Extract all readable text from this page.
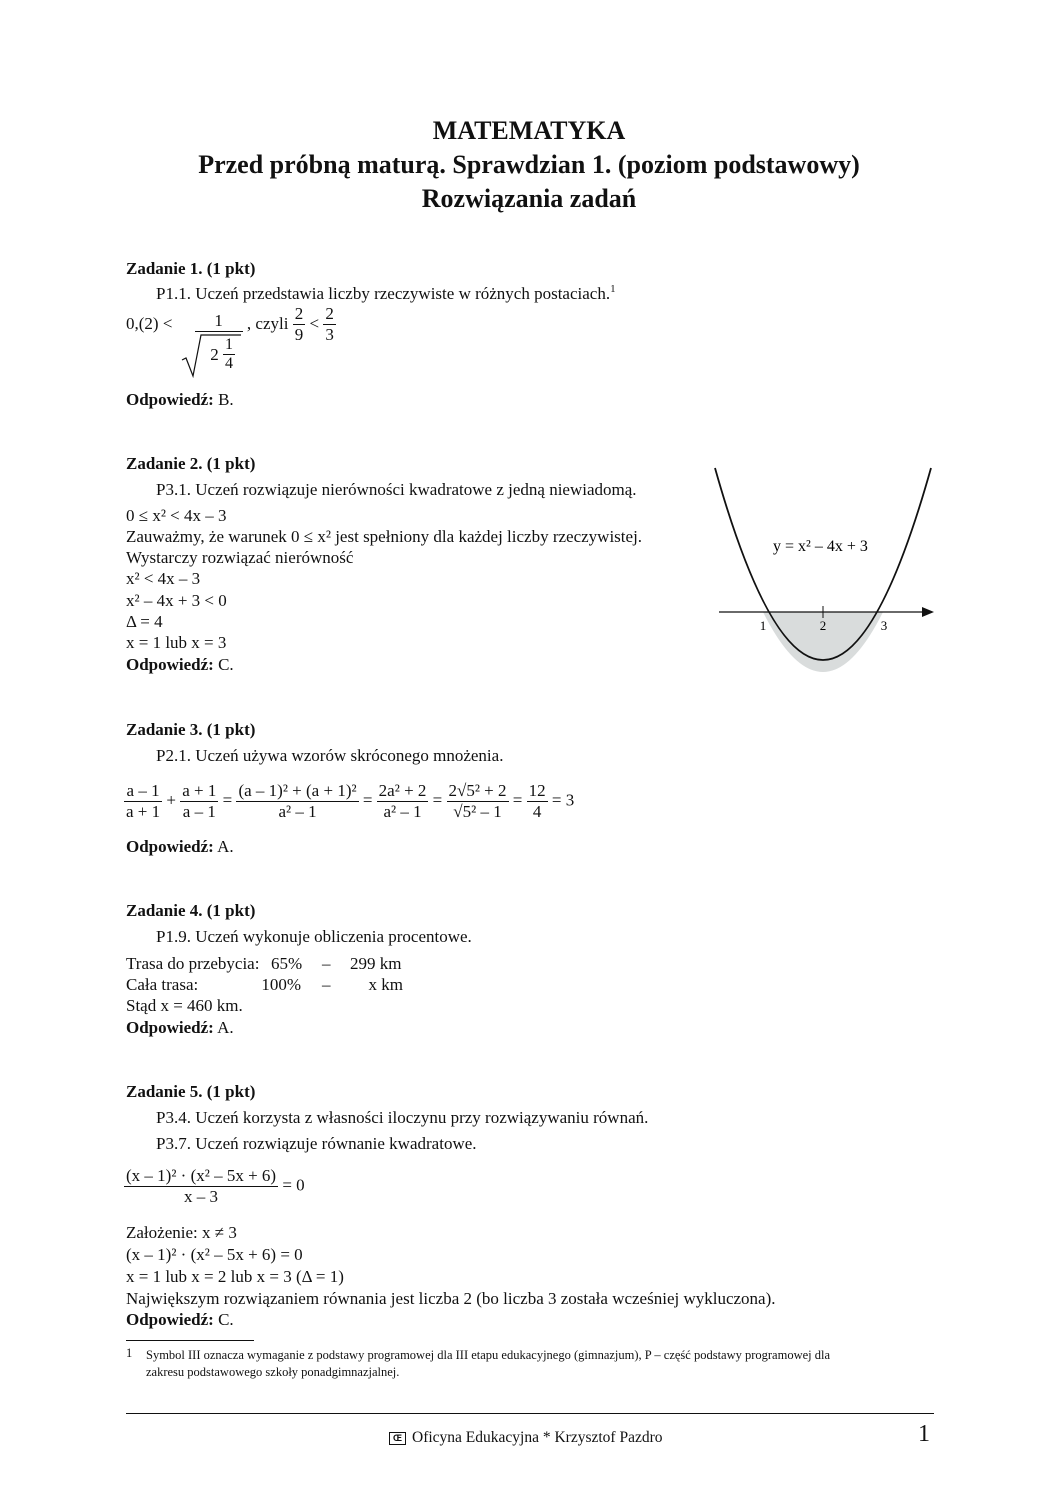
MATEMATYKA
Przed próbną maturą. Sprawdzian 1. (poziom podstawowy)
Rozwiązania zadań
Zadanie 1. (1 pkt)
P1.1. Uczeń przedstawia liczby rzeczywiste w różnych postaciach.$^1$
$0,(2) < \frac{1}{2 \frac{1}{4}}$ , czyli $\frac{2}{9} < \frac{2}{3}$
Odpowiedź: B.
Zadanie 2. (1 pkt)
P3.1. Uczeń rozwiązuje nierówności kwadratowe z jedną niewiadomą.
0 ≤ x² < 4x – 3
Zauważmy, że warunek 0 ≤ x² jest spełniony dla każdej liczby rzeczywistej.
Wystarczy rozwiązać nierówność
x² < 4x – 3
x² – 4x + 3 < 0
Δ = 4
x = 1 lub x = 3
Odpowiedź: C.
1	2	3
y = x² – 4x + 3
Zadanie 3. (1 pkt)
P2.1. Uczeń używa wzorów skróconego mnożenia.
$\frac{a - 1}{a + 1} + \frac{a + 1}{a - 1} = \frac{\text{(a – 1)² + (a + 1)²}}{\text{a² – 1}} = \frac{\text{2a² + 2}}{\text{a² – 1}} = \frac{\text{2√5² + 2}}{\text{√5² – 1}} = \frac{12}{4} = 3$
Odpowiedź: A.
Zadanie 4. (1 pkt)
P1.9. Uczeń wykonuje obliczenia procentowe.
Trasa do przebycia: 65% – 299 km
Cała trasa:	100% –	x km
Stąd x = 460 km.
Odpowiedź: A.
Zadanie 5. (1 pkt)
P3.4. Uczeń korzysta z własności iloczynu przy rozwiązywaniu równań.
P3.7. Uczeń rozwiązuje równanie kwadratowe.
$\frac{\text{(x – 1)² · (x² – 5x + 6)}}{x - 3} = 0$
Założenie: x ≠ 3
(x – 1)² · (x² – 5x + 6) = 0
x = 1 lub x = 2 lub x = 3 (Δ = 1)
Największym rozwiązaniem równania jest liczba 2 (bo liczba 3 została wcześniej wykluczona).
Odpowiedź: C.
1 Symbol III oznacza wymaganie z podstawy programowej dla III etapu edukacyjnego (gimnazjum), P – część podstawy programowej dla
zakresu podstawowego szkoły ponadgimnazjalnej.
Œ Oficyna Edukacyjna * Krzysztof Pazdro	1
